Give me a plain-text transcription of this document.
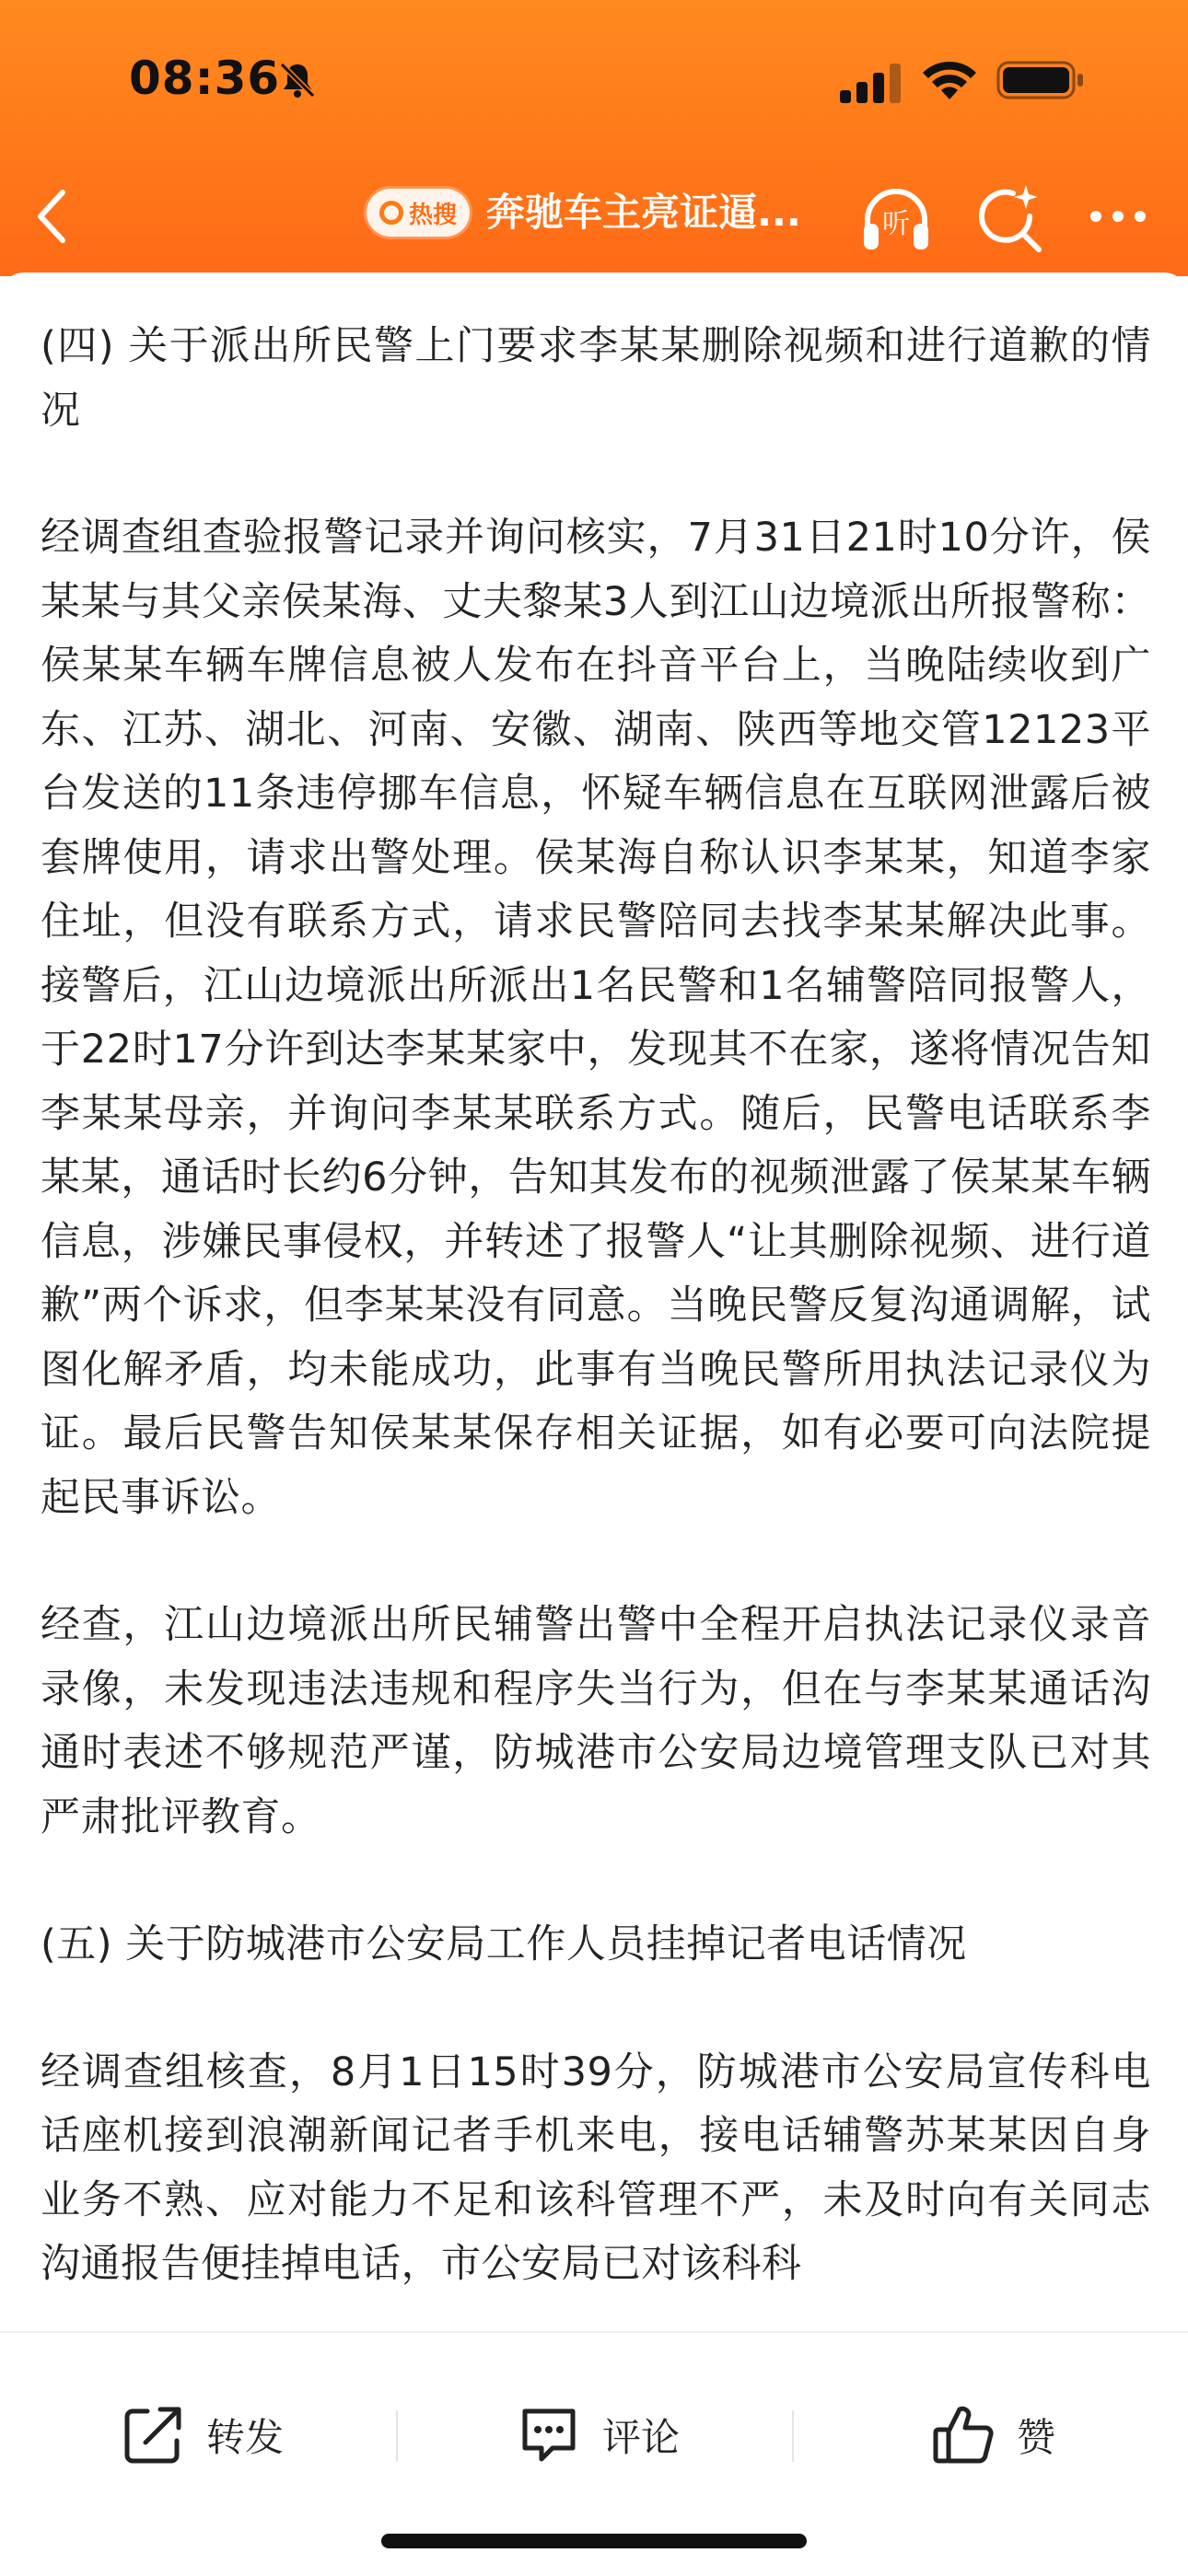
08:36
热搜 奔驰车主亮证逼...	听

(四) 关于派出所民警上门要求李某某删除视频和进行道歉的情况

经调查组查验报警记录并询问核实，7月31日21时10分许，侯某某与其父亲侯某海、丈夫黎某3人到江山边境派出所报警称：侯某某车辆车牌信息被人发布在抖音平台上，当晚陆续收到广东、江苏、湖北、河南、安徽、湖南、陕西等地交管12123平台发送的11条违停挪车信息，怀疑车辆信息在互联网泄露后被套牌使用，请求出警处理。侯某海自称认识李某某，知道李家住址，但没有联系方式，请求民警陪同去找李某某解决此事。接警后，江山边境派出所派出1名民警和1名辅警陪同报警人，于22时17分许到达李某某家中，发现其不在家，遂将情况告知李某某母亲，并询问李某某联系方式。随后，民警电话联系李某某，通话时长约6分钟，告知其发布的视频泄露了侯某某车辆信息，涉嫌民事侵权，并转述了报警人“让其删除视频、进行道歉”两个诉求，但李某某没有同意。当晚民警反复沟通调解，试图化解矛盾，均未能成功，此事有当晚民警所用执法记录仪为证。最后民警告知侯某某保存相关证据，如有必要可向法院提起民事诉讼。

经查，江山边境派出所民辅警出警中全程开启执法记录仪录音录像，未发现违法违规和程序失当行为，但在与李某某通话沟通时表述不够规范严谨，防城港市公安局边境管理支队已对其严肃批评教育。

(五) 关于防城港市公安局工作人员挂掉记者电话情况

经调查组核查，8月1日15时39分，防城港市公安局宣传科电话座机接到浪潮新闻记者手机来电，接电话辅警苏某某因自身业务不熟、应对能力不足和该科管理不严，未及时向有关同志沟通报告便挂掉电话，市公安局已对该科科

转发	评论	赞
